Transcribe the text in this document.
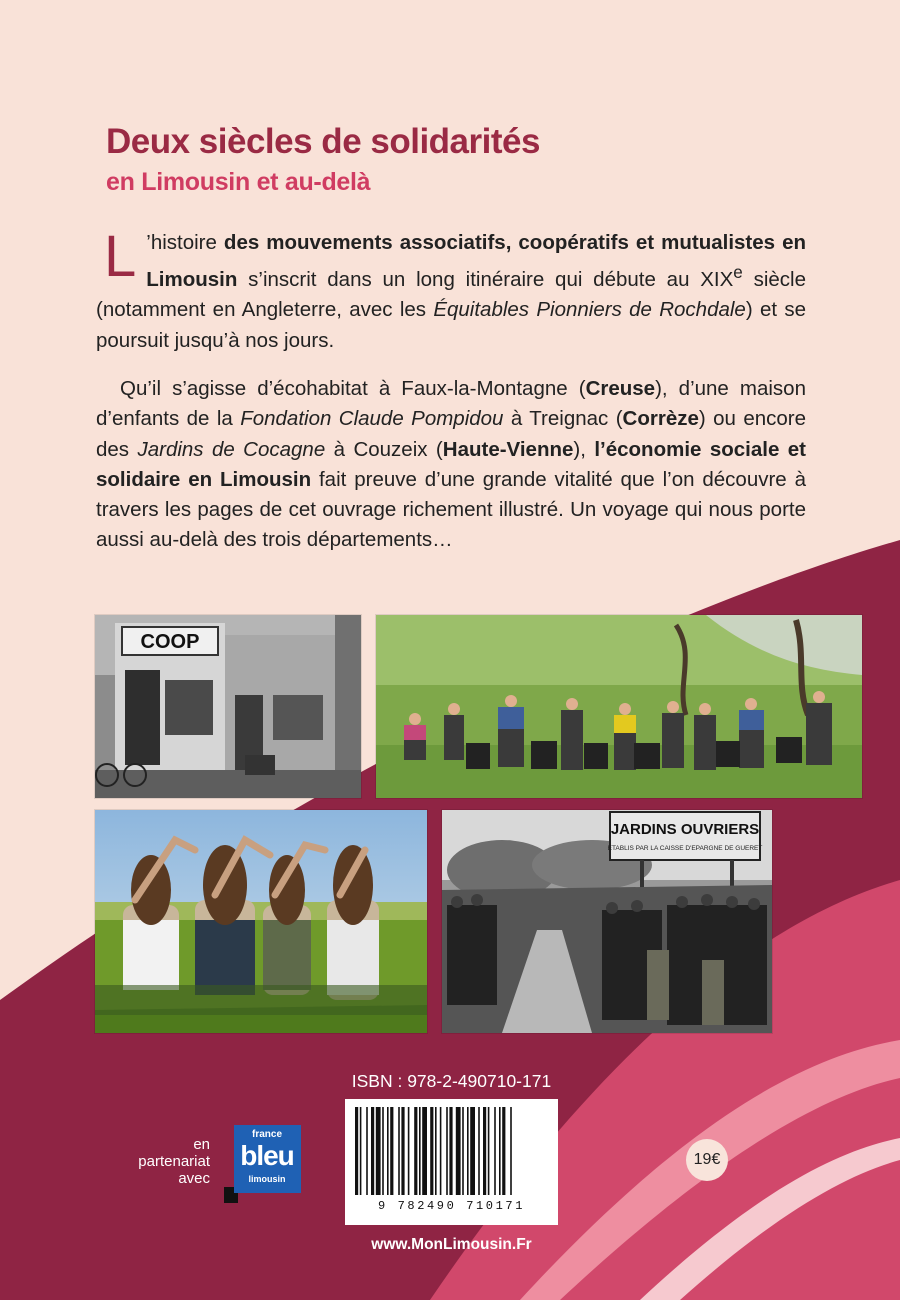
Deux siècles de solidarités
en Limousin et au-delà

L ’histoire des mouvements associatifs, coopératifs et mutualistes en Limousin s’inscrit dans un long itinéraire qui débute au XIXe siècle (notamment en Angleterre, avec les Équitables Pionniers de Rochdale) et se poursuit jusqu’à nos jours.

Qu’il s’agisse d’écohabitat à Faux-la-Montagne (Creuse), d’une maison d’enfants de la Fondation Claude Pompidou à Treignac (Corrèze) ou encore des Jardins de Cocagne à Couzeix (Haute-Vienne), l’économie sociale et solidaire en Limousin fait preuve d’une grande vitalité que l’on découvre à travers les pages de cet ouvrage richement illustré. Un voyage qui nous porte aussi au-delà des trois départements…

COOP
JARDINS OUVRIERS
ETABLIS PAR LA CAISSE D'EPARGNE DE GUERET
ISBN : 978-2-490710-171
9 782490 710171
www.MonLimousin.Fr
en
partenariat
avec
france
bleu
limousin
19€
